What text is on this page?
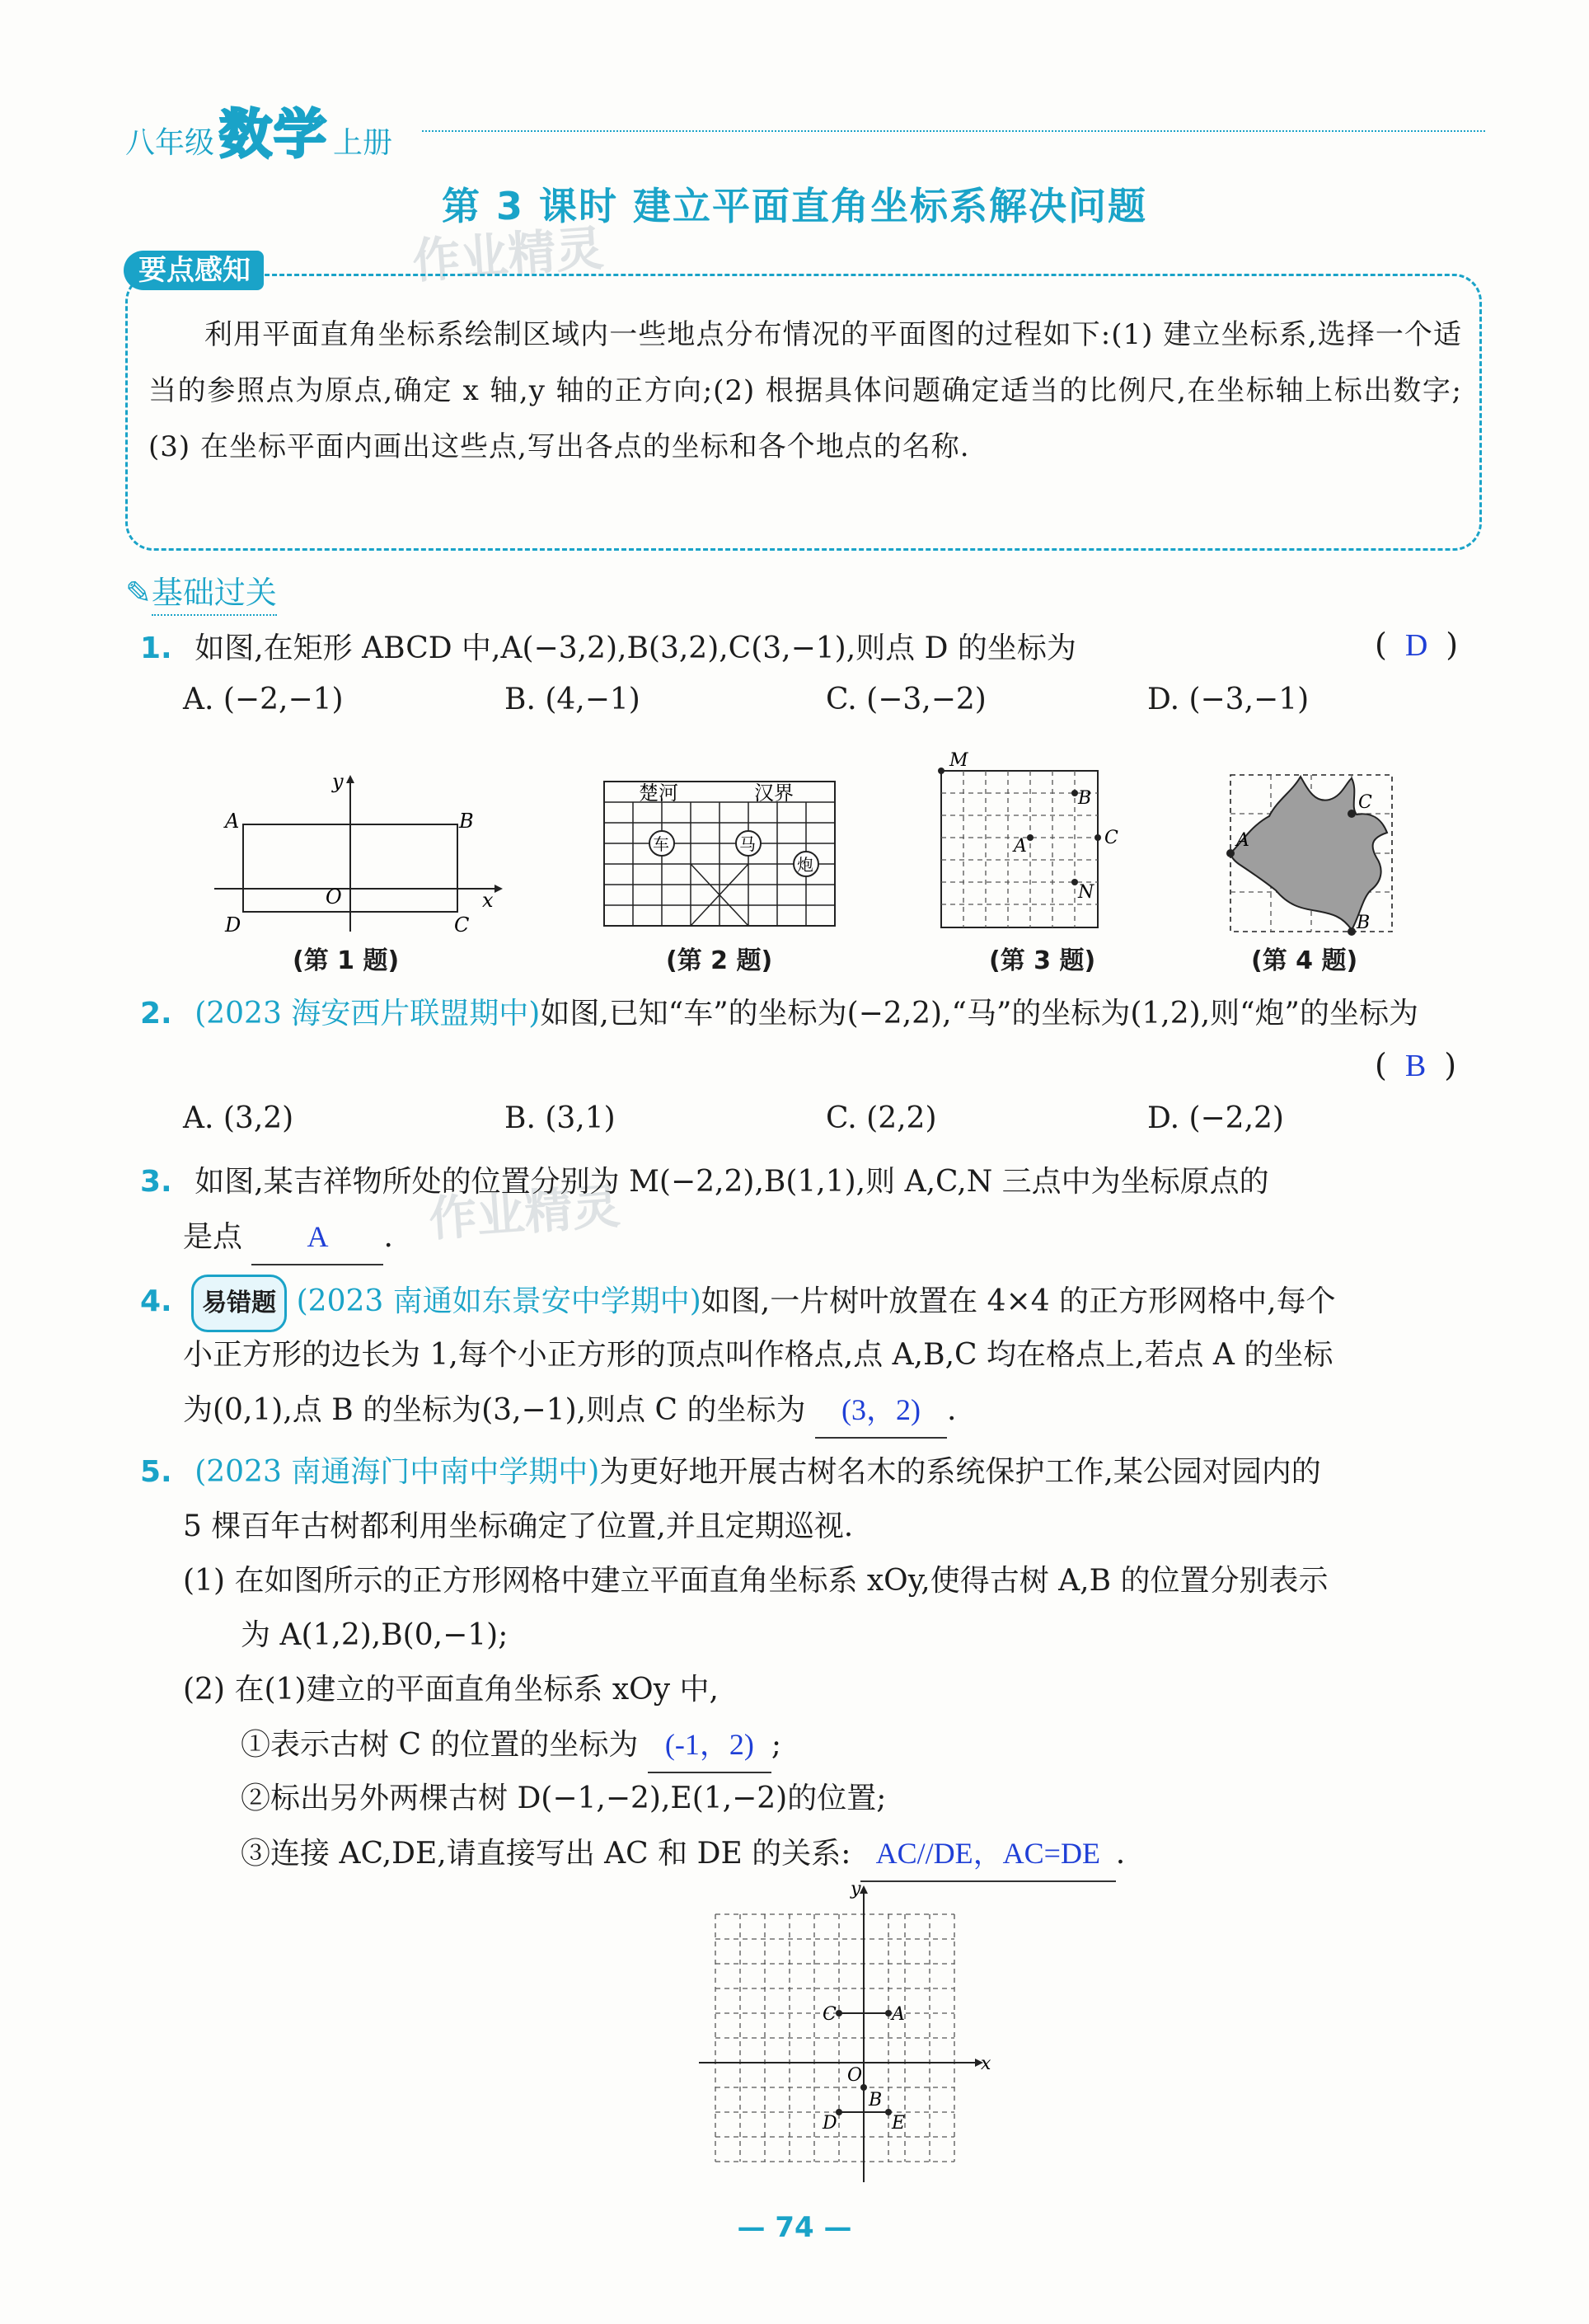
八年级数学 上册
第 3 课时 建立平面直角坐标系解决问题
作业精灵
作业精灵
要点感知
利用平面直角坐标系绘制区域内一些地点分布情况的平面图的过程如下:(1) 建立坐标系,选择一个适当的参照点为原点,确定 x 轴,y 轴的正方向;(2) 根据具体问题确定适当的比例尺,在坐标轴上标出数字;(3) 在坐标平面内画出这些点,写出各点的坐标和各个地点的名称.
✎基础过关
1. 如图,在矩形 ABCD 中,A(−3,2),B(3,2),C(3,−1),则点 D 的坐标为	( D )
A. (−2,−1)	B. (4,−1)	C. (−3,−2)	D. (−3,−1)
A	B
C
D
O	x
y
(第 1 题)
楚河	汉界
车	马
炮
(第 2 题)
M
B
A	C
N
(第 3 题)
A
B
C
(第 4 题)
2. (2023 海安西片联盟期中)如图,已知“车”的坐标为(−2,2),“马”的坐标为(1,2),则“炮”的坐标为
( B )
A. (3,2)	B. (3,1)	C. (2,2)	D. (−2,2)
3. 如图,某吉祥物所处的位置分别为 M(−2,2),B(1,1),则 A,C,N 三点中为坐标原点的
是点 A .
4. 易错题 (2023 南通如东景安中学期中)如图,一片树叶放置在 4×4 的正方形网格中,每个
小正方形的边长为 1,每个小正方形的顶点叫作格点,点 A,B,C 均在格点上,若点 A 的坐标
为(0,1),点 B 的坐标为(3,−1),则点 C 的坐标为 (3，2) .
5. (2023 南通海门中南中学期中)为更好地开展古树名木的系统保护工作,某公园对园内的
5 棵百年古树都利用坐标确定了位置,并且定期巡视.
(1) 在如图所示的正方形网格中建立平面直角坐标系 xOy,使得古树 A,B 的位置分别表示
为 A(1,2),B(0,−1);
(2) 在(1)建立的平面直角坐标系 xOy 中,
①表示古树 C 的位置的坐标为 (-1，2) ;
②标出另外两棵古树 D(−1,−2),E(1,−2)的位置;
③连接 AC,DE,请直接写出 AC 和 DE 的关系: AC//DE，AC=DE .
x
y
O
A
C
B
D	E
— 74 —
